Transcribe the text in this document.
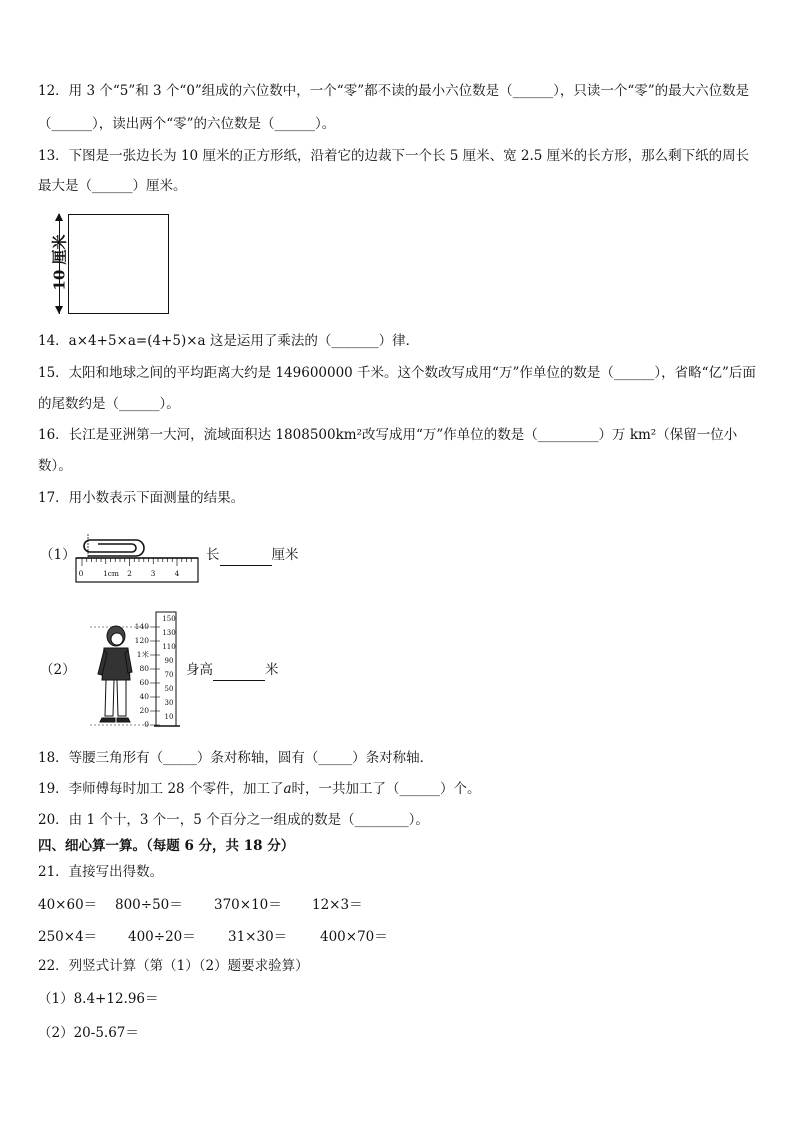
12．用 3 个“5”和 3 个“0”组成的六位数中，一个“零”都不读的最小六位数是（______），只读一个“零”的最大六位数是
（______），读出两个“零”的六位数是（______）。
13．下图是一张边长为 10 厘米的正方形纸，沿着它的边裁下一个长 5 厘米、宽 2.5 厘米的长方形，那么剩下纸的周长
最大是（______）厘米。
10 厘米
14．a×4+5×a=(4+5)×a 这是运用了乘法的（_______）律．
15．太阳和地球之间的平均距离大约是 149600000 千米。这个数改写成用“万”作单位的数是（______），省略“亿”后面
的尾数约是（______）。
16．长江是亚洲第一大河，流域面积达 1808500km²改写成用“万”作单位的数是（_________）万 km²（保留一位小
数）。
17．用小数表示下面测量的结果。
（1）
0	1cm 2 3	4
长	厘米
（2）
140
120
1米
80
60
40
20
0
150
130
110
90
70
50
30
10
身高	米
18．等腰三角形有（_____）条对称轴，圆有（_____）条对称轴．
19．李师傅每时加工 28 个零件，加工了𝑎时，一共加工了（______）个。
20．由 1 个十，3 个一，5 个百分之一组成的数是（________）。
四、细心算一算。（每题 6 分，共 18 分）
21．直接写出得数。
40×60＝ 800÷50＝ 370×10＝ 12×3＝
250×4＝ 400÷20＝ 31×30＝ 400×70＝
22．列竖式计算（第（1）（2）题要求验算）
（1）8.4+12.96＝
（2）20-5.67＝
